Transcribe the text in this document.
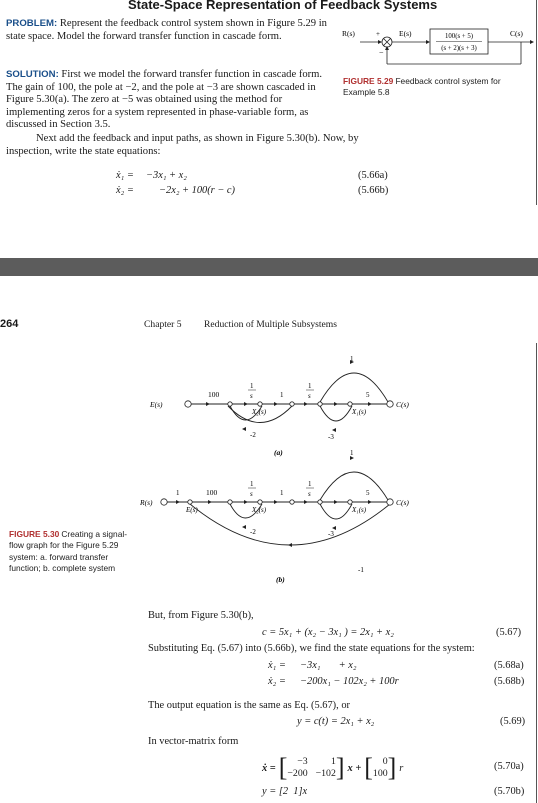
State-Space Representation of Feedback Systems
PROBLEM: Represent the feedback control system shown in Figure 5.29 in state space. Model the forward transfer function in cascade form.	R(s)	+
−
E(s)	100(s + 5)
(s + 2)(s + 3)
C(s)
FIGURE 5.29 Feedback control system for Example 5.8
SOLUTION: First we model the forward transfer function in cascade form. The gain of 100, the pole at −2, and the pole at −3 are shown cascaded in Figure 5.30(a). The zero at −5 was obtained using the method for implementing zeros for a system represented in phase-variable form, as discussed in Section 3.5.
Next add the feedback and input paths, as shown in Figure 5.30(b). Now, by inspection, write the state equations:
ẋ₁ = −3x₁ + x₂	(5.66a)
ẋ₂ = −2x₂ + 100(r − c)	(5.66b)
264	Chapter 5 Reduction of Multiple Subsystems
E(s)
100
1
s	1
1
s	5
1
X₂(s)	X₁(s)
C(s)
-2	-3
(a)
R(s)
1
E(s)
100
1
s	1
1
s	5
1
X₂(s)	X₁(s)
C(s)
-2	-3
-1
(b)
FIGURE 5.30 Creating a signal-flow graph for the Figure 5.29 system: a. forward transfer function; b. complete system
But, from Figure 5.30(b),
c = 5x₁ + (x₂ − 3x₁ ) = 2x₁ + x₂	(5.67)
Substituting Eq. (5.67) into (5.66b), we find the state equations for the system:
ẋ₁ = −3x₁       + x₂	(5.68a)
ẋ₂ = −200x₁ − 102x₂ + 100r	(5.68b)
The output equation is the same as Eq. (5.67), or
y = c(t) = 2x₁ + x₂	(5.69)
In vector-matrix form
ẋ = [ −3	1
−200 −102 ] x + [ 0
100 ] r	(5.70a)
y = [2  1]x	(5.70b)
